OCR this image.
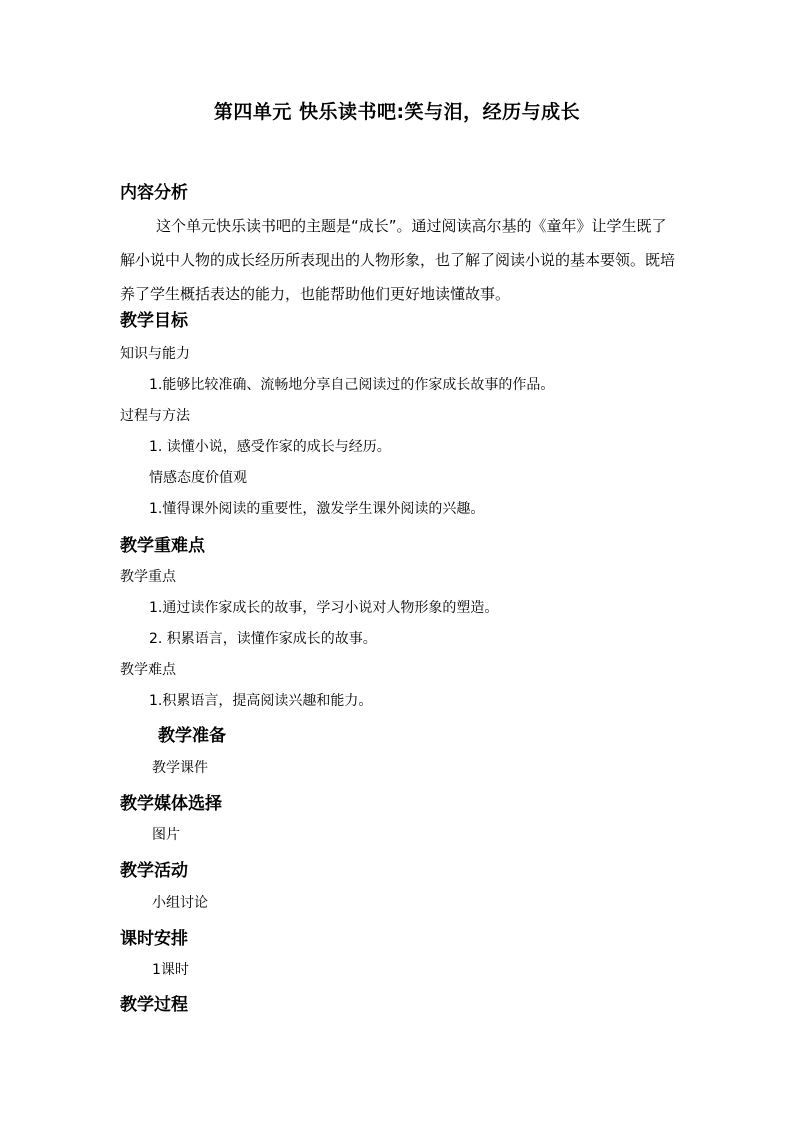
第四单元 快乐读书吧:笑与泪，经历与成长
内容分析

这个单元快乐读书吧的主题是“成长”。通过阅读高尔基的《童年》让学生既了解小说中人物的成长经历所表现出的人物形象，也了解了阅读小说的基本要领。既培养了学生概括表达的能力，也能帮助他们更好地读懂故事。

教学目标
知识与能力
1.能够比较准确、流畅地分享自己阅读过的作家成长故事的作品。
过程与方法
1. 读懂小说，感受作家的成长与经历。
情感态度价值观
1.懂得课外阅读的重要性，激发学生课外阅读的兴趣。
教学重难点
教学重点
1.通过读作家成长的故事，学习小说对人物形象的塑造。
2. 积累语言，读懂作家成长的故事。
教学难点
1.积累语言，提高阅读兴趣和能力。
教学准备
教学课件
教学媒体选择
图片
教学活动
小组讨论
课时安排
1课时
教学过程
